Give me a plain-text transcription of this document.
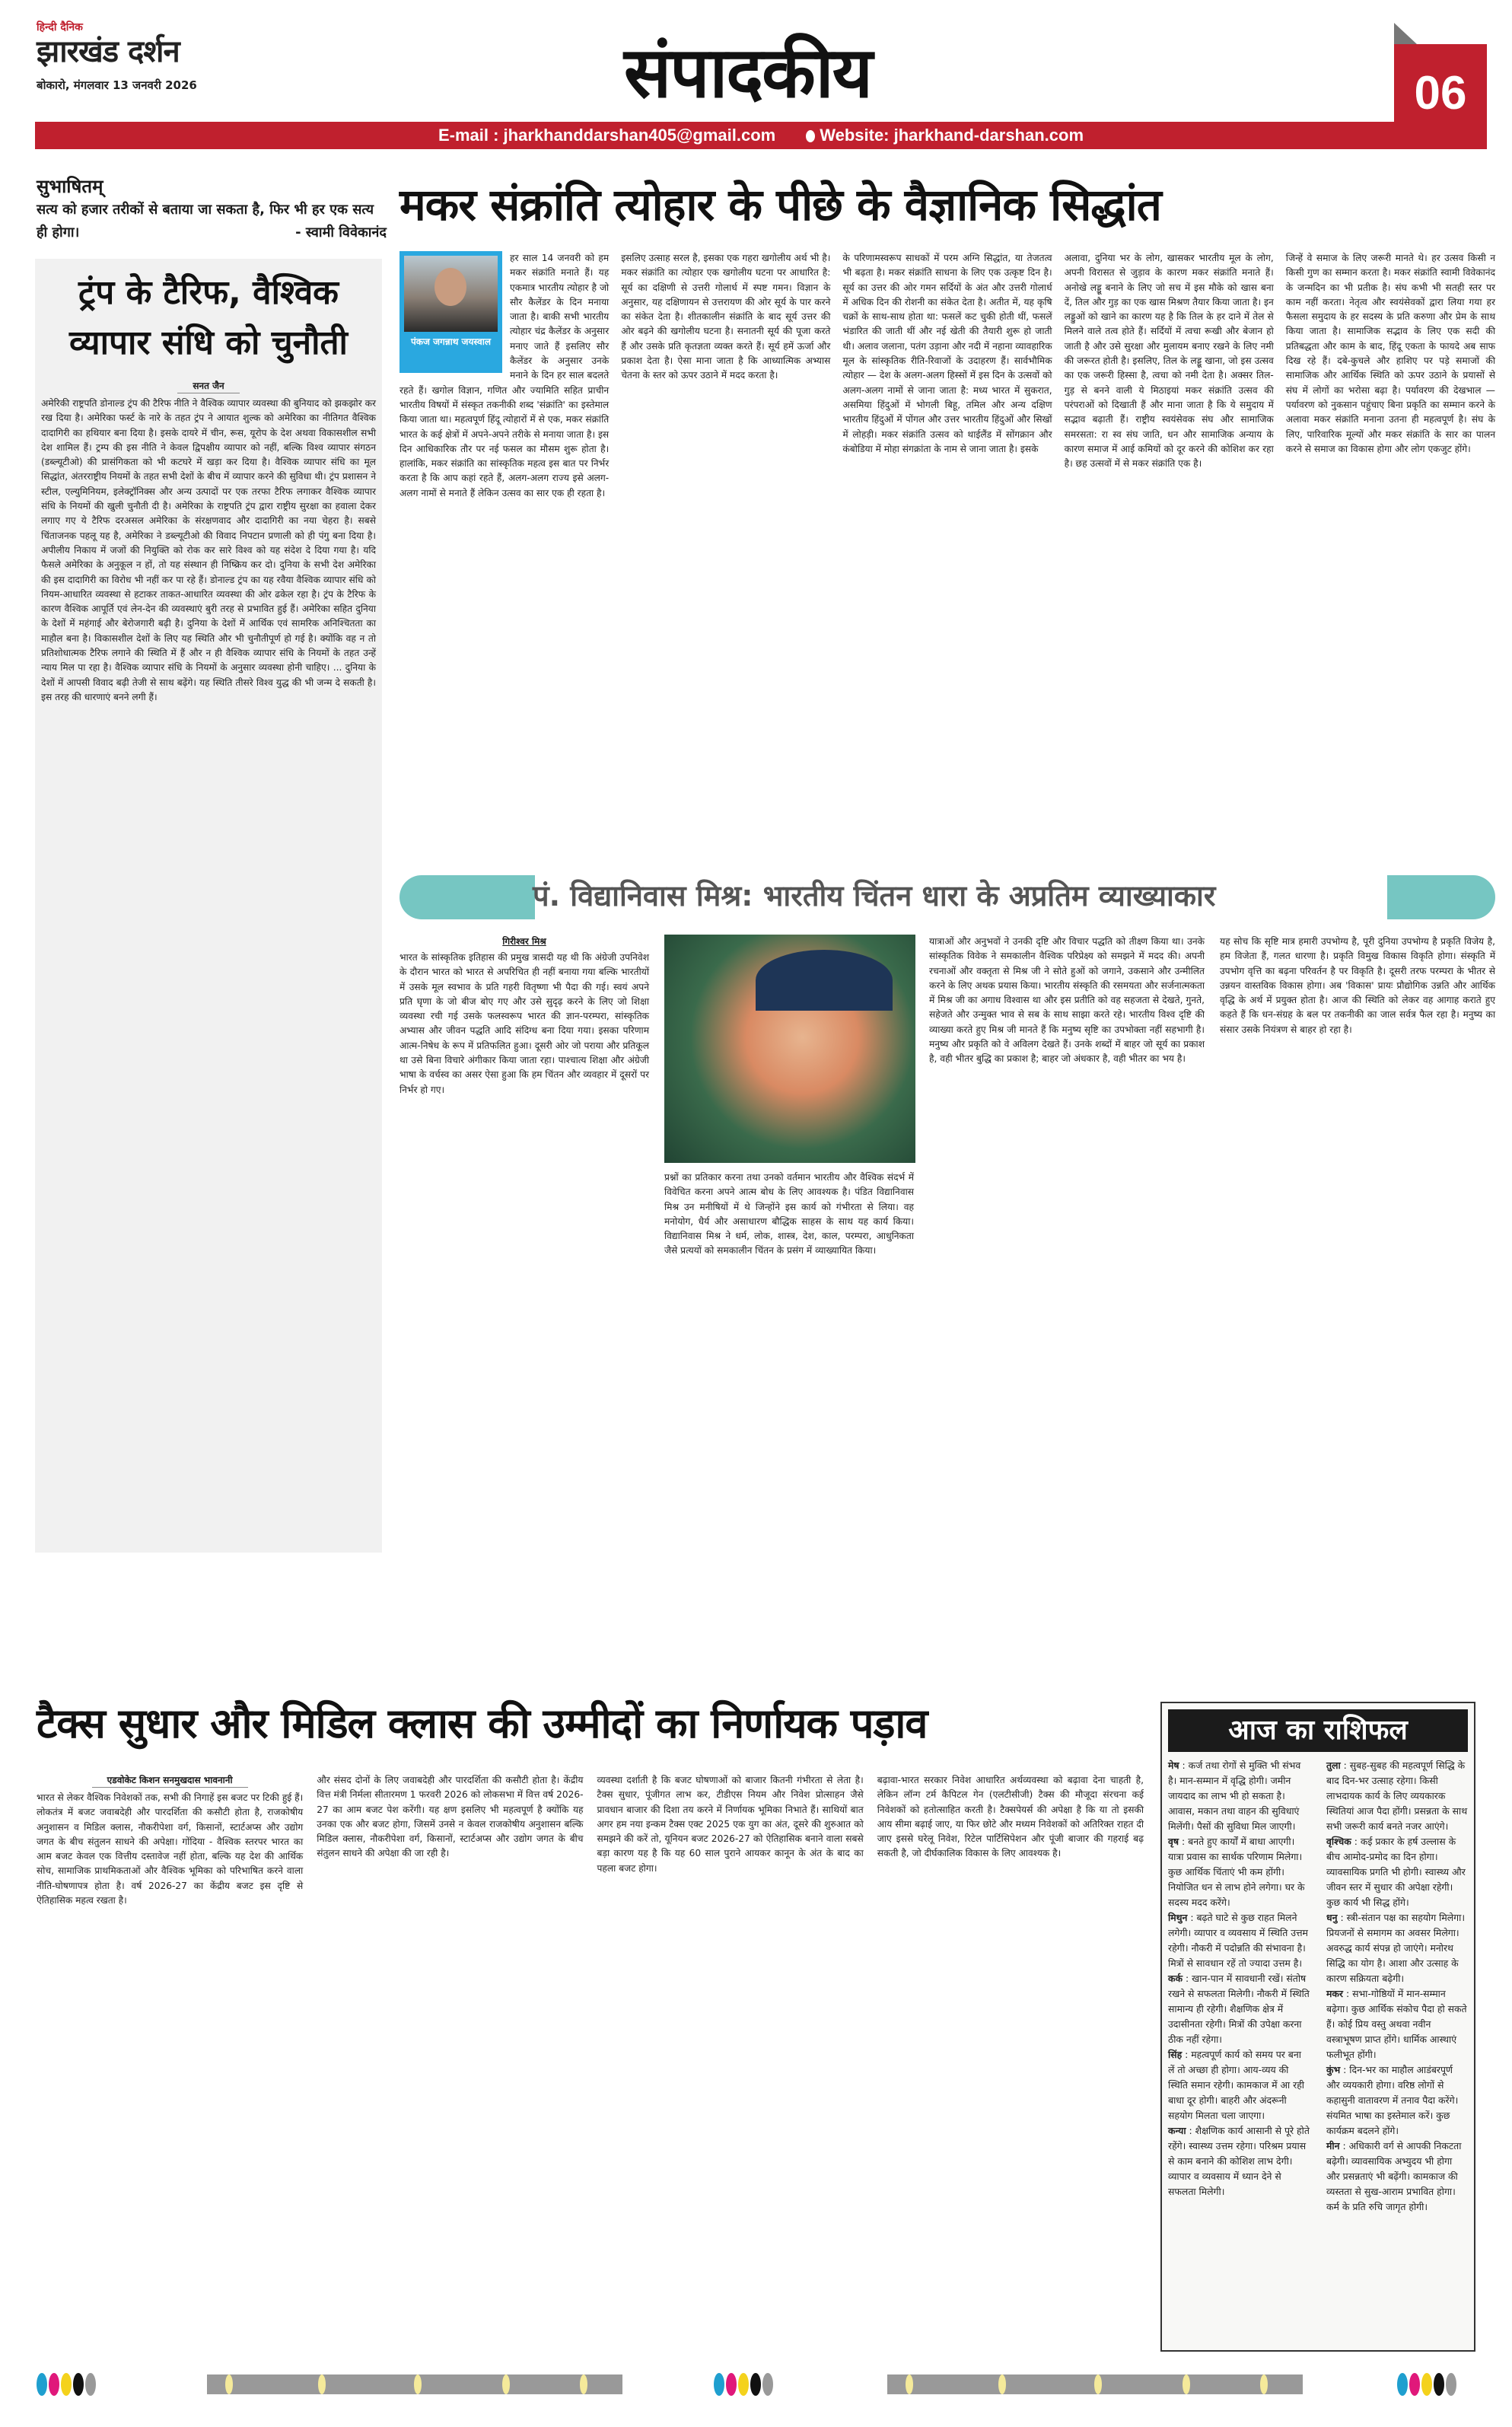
हिन्दी दैनिक
झारखंड दर्शन
बोकारो, मंगलवार 13 जनवरी 2026	संपादकीय	06
E-mail : jharkhanddarshan405@gmail.com	Website: jharkhand-darshan.com
सुभाषितम्
सत्य को हजार तरीकों से बताया जा सकता है, फिर भी हर एक सत्य ही होगा।	- स्वामी विवेकानंद
ट्रंप के टैरिफ, वैश्विक व्यापार संधि को चुनौती
सनत जैन

अमेरिकी राष्ट्रपति डोनाल्ड ट्रंप की टैरिफ नीति ने वैश्विक व्यापार व्यवस्था की बुनियाद को झकझोर कर रख दिया है। अमेरिका फर्स्ट के नारे के तहत ट्रंप ने आयात शुल्क को अमेरिका का नीतिगत वैश्विक दादागिरी का हथियार बना दिया है। इसके दायरे में चीन, रूस, यूरोप के देश अथवा विकासशील सभी देश शामिल हैं। ट्रम्प की इस नीति ने केवल द्विपक्षीय व्यापार को नहीं, बल्कि विश्व व्यापार संगठन (डब्ल्यूटीओ) की प्रासंगिकता को भी कटघरे में खड़ा कर दिया है। वैश्विक व्यापार संधि का मूल सिद्धांत, अंतरराष्ट्रीय नियमों के तहत सभी देशों के बीच में व्यापार करने की सुविधा थी। ट्रंप प्रशासन ने स्टील, एल्युमिनियम, इलेक्ट्रॉनिक्स और अन्य उत्पादों पर एक तरफा टैरिफ लगाकर वैश्विक व्यापार संधि के नियमों की खुली चुनौती दी है। अमेरिका के राष्ट्रपति ट्रंप द्वारा राष्ट्रीय सुरक्षा का हवाला देकर लगाए गए ये टैरिफ दरअसल अमेरिका के संरक्षणवाद और दादागिरी का नया चेहरा है। सबसे चिंताजनक पहलू यह है, अमेरिका ने डब्ल्यूटीओ की विवाद निपटान प्रणाली को ही पंगु बना दिया है। अपीलीय निकाय में जजों की नियुक्ति को रोक कर सारे विश्व को यह संदेश दे दिया गया है। यदि फैसले अमेरिका के अनुकूल न हों, तो यह संस्थान ही निष्क्रिय कर दो। दुनिया के सभी देश अमेरिका की इस दादागिरी का विरोध भी नहीं कर पा रहे हैं। डोनाल्ड ट्रंप का यह रवैया वैश्विक व्यापार संधि को नियम-आधारित व्यवस्था से हटाकर ताकत-आधारित व्यवस्था की ओर ढकेल रहा है। ट्रंप के टैरिफ के कारण वैश्विक आपूर्ति एवं लेन-देन की व्यवस्थाएं बुरी तरह से प्रभावित हुई हैं। अमेरिका सहित दुनिया के देशों में महंगाई और बेरोजगारी बढ़ी है। दुनिया के देशों में आर्थिक एवं सामरिक अनिश्चितता का माहौल बना है। विकासशील देशों के लिए यह स्थिति और भी चुनौतीपूर्ण हो गई है। क्योंकि वह न तो प्रतिशोधात्मक टैरिफ लगाने की स्थिति में हैं और न ही वैश्विक व्यापार संधि के नियमों के तहत उन्हें न्याय मिल पा रहा है। वैश्विक व्यापार संधि के नियमों के अनुसार व्यवस्था होनी चाहिए। ... दुनिया के देशों में आपसी विवाद बढ़ी तेजी से साथ बढ़ेंगे। यह स्थिति तीसरे विश्व युद्ध की भी जन्म दे सकती है। इस तरह की धारणाएं बनने लगी हैं।

मकर संक्रांति त्योहार के पीछे के वैज्ञानिक सिद्धांत
पंकज जगन्नाथ जयस्वाल
हर साल 14 जनवरी को हम मकर संक्रांति मनाते हैं। यह एकमात्र भारतीय त्योहार है जो सौर कैलेंडर के दिन मनाया जाता है। बाकी सभी भारतीय त्योहार चंद्र कैलेंडर के अनुसार मनाए जाते हैं इसलिए सौर कैलेंडर के अनुसार उनके मनाने के दिन हर साल बदलते रहते हैं। खगोल विज्ञान, गणित और ज्यामिति सहित प्राचीन भारतीय विषयों में संस्कृत तकनीकी शब्द 'संक्रांति' का इस्तेमाल किया जाता था। महत्वपूर्ण हिंदू त्योहारों में से एक, मकर संक्रांति भारत के कई क्षेत्रों में अपने-अपने तरीके से मनाया जाता है। इस दिन आधिकारिक तौर पर नई फसल का मौसम शुरू होता है। हालांकि, मकर संक्रांति का सांस्कृतिक महत्व इस बात पर निर्भर करता है कि आप कहां रहते हैं, अलग-अलग राज्य इसे अलग-अलग नामों से मनाते हैं लेकिन उत्सव का सार एक ही रहता है।
इसलिए उत्साह सरल है, इसका एक गहरा खगोलीय अर्थ भी है। मकर संक्रांति का त्योहार एक खगोलीय घटना पर आधारित है: सूर्य का दक्षिणी से उत्तरी गोलार्ध में स्पष्ट गमन। विज्ञान के अनुसार, यह दक्षिणायन से उत्तरायण की ओर सूर्य के पार करने का संकेत देता है। शीतकालीन संक्रांति के बाद सूर्य उत्तर की ओर बढ़ने की खगोलीय घटना है। सनातनी सूर्य की पूजा करते हैं और उसके प्रति कृतज्ञता व्यक्त करते हैं। सूर्य हमें ऊर्जा और प्रकाश देता है। ऐसा माना जाता है कि आध्यात्मिक अभ्यास चेतना के स्तर को ऊपर उठाने में मदद करता है।
के परिणामस्वरूप साधकों में परम अग्नि सिद्धांत, या तेजतत्व भी बढ़ता है। मकर संक्रांति साधना के लिए एक उत्कृष्ट दिन है। सूर्य का उत्तर की ओर गमन सर्दियों के अंत और उत्तरी गोलार्ध में अधिक दिन की रोशनी का संकेत देता है। अतीत में, यह कृषि चक्रों के साथ-साथ होता था: फसलें कट चुकी होती थीं, फसलें भंडारित की जाती थीं और नई खेती की तैयारी शुरू हो जाती थी। अलाव जलाना, पतंग उड़ाना और नदी में नहाना व्यावहारिक मूल के सांस्कृतिक रीति-रिवाजों के उदाहरण हैं। सार्वभौमिक त्योहार — देश के अलग-अलग हिस्सों में इस दिन के उत्सवों को अलग-अलग नामों से जाना जाता है: मध्य भारत में सुकरात, असमिया हिंदुओं में भोगली बिहू, तमिल और अन्य दक्षिण भारतीय हिंदुओं में पोंगल और उत्तर भारतीय हिंदुओं और सिखों में लोहड़ी। मकर संक्रांति उत्सव को थाईलैंड में सोंगक्रान और कंबोडिया में मोहा संगक्रांता के नाम से जाना जाता है। इसके
अलावा, दुनिया भर के लोग, खासकर भारतीय मूल के लोग, अपनी विरासत से जुड़ाव के कारण मकर संक्रांति मनाते हैं। अनोखे लड्डू बनाने के लिए जो सच में इस मौके को खास बना दें, तिल और गुड़ का एक खास मिश्रण तैयार किया जाता है। इन लड्डुओं को खाने का कारण यह है कि तिल के हर दाने में तेल से मिलने वाले तत्व होते हैं। सर्दियों में त्वचा रूखी और बेजान हो जाती है और उसे सुरक्षा और मुलायम बनाए रखने के लिए नमी की जरूरत होती है। इसलिए, तिल के लड्डू खाना, जो इस उत्सव का एक जरूरी हिस्सा है, त्वचा को नमी देता है। अक्सर तिल-गुड़ से बनने वाली ये मिठाइयां मकर संक्रांति उत्सव की परंपराओं को दिखाती हैं और माना जाता है कि ये समुदाय में सद्भाव बढ़ाती हैं। राष्ट्रीय स्वयंसेवक संघ और सामाजिक समरसता: रा स्व संघ जाति, धन और सामाजिक अन्याय के कारण समाज में आई कमियों को दूर करने की कोशिश कर रहा है। छह उत्सवों में से मकर संक्रांति एक है।
जिन्हें वे समाज के लिए जरूरी मानते थे। हर उत्सव किसी न किसी गुण का सम्मान करता है। मकर संक्रांति स्वामी विवेकानंद के जन्मदिन का भी प्रतीक है। संघ कभी भी सतही स्तर पर काम नहीं करता। नेतृत्व और स्वयंसेवकों द्वारा लिया गया हर फैसला समुदाय के हर सदस्य के प्रति करुणा और प्रेम के साथ किया जाता है। सामाजिक सद्भाव के लिए एक सदी की प्रतिबद्धता और काम के बाद, हिंदू एकता के फायदे अब साफ दिख रहे हैं। दबे-कुचले और हाशिए पर पड़े समाजों की सामाजिक और आर्थिक स्थिति को ऊपर उठाने के प्रयासों से संघ में लोगों का भरोसा बढ़ा है। पर्यावरण की देखभाल — पर्यावरण को नुकसान पहुंचाए बिना प्रकृति का सम्मान करने के अलावा मकर संक्रांति मनाना उतना ही महत्वपूर्ण है। संघ के लिए, पारिवारिक मूल्यों और मकर संक्रांति के सार का पालन करने से समाज का विकास होगा और लोग एकजुट होंगे।
पं. विद्यानिवास मिश्र: भारतीय चिंतन धारा के अप्रतिम व्याख्याकार
गिरीश्वर मिश्र
भारत के सांस्कृतिक इतिहास की प्रमुख त्रासदी यह थी कि अंग्रेजी उपनिवेश के दौरान भारत को भारत से अपरिचित ही नहीं बनाया गया बल्कि भारतीयों में उसके मूल स्वभाव के प्रति गहरी वितृष्णा भी पैदा की गई। स्वयं अपने प्रति घृणा के जो बीज बोए गए और उसे सुदृढ़ करने के लिए जो शिक्षा व्यवस्था रची गई उसके फलस्वरूप भारत की ज्ञान-परम्परा, सांस्कृतिक अभ्यास और जीवन पद्धति आदि संदिग्ध बना दिया गया। इसका परिणाम आत्म-निषेध के रूप में प्रतिफलित हुआ। दूसरी ओर जो पराया और प्रतिकूल था उसे बिना विचारे अंगीकार किया जाता रहा। पाश्चात्य शिक्षा और अंग्रेजी भाषा के वर्चस्व का असर ऐसा हुआ कि हम चिंतन और व्यवहार में दूसरों पर निर्भर हो गए।
प्रश्नों का प्रतिकार करना तथा उनको वर्तमान भारतीय और वैश्विक संदर्भ में विवेचित करना अपने आत्म बोध के लिए आवश्यक है। पंडित विद्यानिवास मिश्र उन मनीषियों में थे जिन्होंने इस कार्य को गंभीरता से लिया। वह मनोयोग, धैर्य और असाधारण बौद्धिक साहस के साथ यह कार्य किया। विद्यानिवास मिश्र ने धर्म, लोक, शास्त्र, देश, काल, परम्परा, आधुनिकता जैसे प्रत्ययों को समकालीन चिंतन के प्रसंग में व्याख्यायित किया।
यात्राओं और अनुभवों ने उनकी दृष्टि और विचार पद्धति को तीक्ष्ण किया था। उनके सांस्कृतिक विवेक ने समकालीन वैश्विक परिप्रेक्ष्य को समझने में मदद की। अपनी रचनाओं और वक्तृता से मिश्र जी ने सोते हुओं को जगाने, उकसाने और उन्मीलित करने के लिए अथक प्रयास किया। भारतीय संस्कृति की रसमयता और सर्जनात्मकता में मिश्र जी का अगाध विश्वास था और इस प्रतीति को वह सहजता से देखते, गुनते, सहेजते और उन्मुक्त भाव से सब के साथ साझा करते रहे। भारतीय विश्व दृष्टि की व्याख्या करते हुए मिश्र जी मानते हैं कि मनुष्य सृष्टि का उपभोक्ता नहीं सहभागी है। मनुष्य और प्रकृति को वे अविलग देखते हैं। उनके शब्दों में बाहर जो सूर्य का प्रकाश है, वही भीतर बुद्धि का प्रकाश है; बाहर जो अंधकार है, वही भीतर का भय है।
यह सोच कि सृष्टि मात्र हमारी उपभोग्य है, पूरी दुनिया उपभोग्य है प्रकृति विजेय है, हम विजेता हैं, गलत धारणा है। प्रकृति विमुख विकास विकृति होगा। संस्कृति में उपभोग वृत्ति का बढ़ना परिवर्तन है पर विकृति है। दूसरी तरफ परम्परा के भीतर से उन्नयन वास्तविक विकास होगा। अब 'विकास' प्रायः प्रौद्योगिक उन्नति और आर्थिक वृद्धि के अर्थ में प्रयुक्त होता है। आज की स्थिति को लेकर वह आगाह कराते हुए कहते हैं कि धन-संग्रह के बल पर तकनीकी का जाल सर्वत्र फैल रहा है। मनुष्य का संसार उसके नियंत्रण से बाहर हो रहा है।
टैक्स सुधार और मिडिल क्लास की उम्मीदों का निर्णायक पड़ाव
एडवोकेट किशन सनमुखदास भावनानी
भारत से लेकर वैश्विक निवेशकों तक, सभी की निगाहें इस बजट पर टिकी हुई हैं। लोकतंत्र में बजट जवाबदेही और पारदर्शिता की कसौटी होता है, राजकोषीय अनुशासन व मिडिल क्लास, नौकरीपेशा वर्ग, किसानों, स्टार्टअप्स और उद्योग जगत के बीच संतुलन साधने की अपेक्षा। गोंदिया - वैश्विक स्तरपर भारत का आम बजट केवल एक वित्तीय दस्तावेज नहीं होता, बल्कि यह देश की आर्थिक सोच, सामाजिक प्राथमिकताओं और वैश्विक भूमिका को परिभाषित करने वाला नीति-घोषणापत्र होता है। वर्ष 2026-27 का केंद्रीय बजट इस दृष्टि से ऐतिहासिक महत्व रखता है।
और संसद दोनों के लिए जवाबदेही और पारदर्शिता की कसौटी होता है। केंद्रीय वित्त मंत्री निर्मला सीतारमण 1 फरवरी 2026 को लोकसभा में वित्त वर्ष 2026-27 का आम बजट पेश करेंगी। यह क्षण इसलिए भी महत्वपूर्ण है क्योंकि यह उनका एक और बजट होगा, जिसमें उनसे न केवल राजकोषीय अनुशासन बल्कि मिडिल क्लास, नौकरीपेशा वर्ग, किसानों, स्टार्टअप्स और उद्योग जगत के बीच संतुलन साधने की अपेक्षा की जा रही है।
व्यवस्था दर्शाती है कि बजट घोषणाओं को बाजार कितनी गंभीरता से लेता है। टैक्स सुधार, पूंजीगत लाभ कर, टीडीएस नियम और निवेश प्रोत्साहन जैसे प्रावधान बाजार की दिशा तय करने में निर्णायक भूमिका निभाते हैं। साथियों बात अगर हम नया इन्कम टैक्स एक्ट 2025 एक युग का अंत, दूसरे की शुरुआत को समझने की करें तो, यूनियन बजट 2026-27 को ऐतिहासिक बनाने वाला सबसे बड़ा कारण यह है कि यह 60 साल पुराने आयकर कानून के अंत के बाद का पहला बजट होगा।
बढ़ावा-भारत सरकार निवेश आधारित अर्थव्यवस्था को बढ़ावा देना चाहती है, लेकिन लॉन्ग टर्म कैपिटल गेन (एलटीसीजी) टैक्स की मौजूदा संरचना कई निवेशकों को हतोत्साहित करती है। टैक्सपेयर्स की अपेक्षा है कि या तो इसकी आय सीमा बढ़ाई जाए, या फिर छोटे और मध्यम निवेशकों को अतिरिक्त राहत दी जाए इससे घरेलू निवेश, रिटेल पार्टिसिपेशन और पूंजी बाजार की गहराई बढ़ सकती है, जो दीर्घकालिक विकास के लिए आवश्यक है।
आज का राशिफल

मेष : कर्ज तथा रोगों से मुक्ति भी संभव है। मान-सम्मान में वृद्धि होगी। जमीन जायदाद का लाभ भी हो सकता है। आवास, मकान तथा वाहन की सुविधाएं मिलेंगी। पैसों की सुविधा मिल जाएगी।

वृष : बनते हुए कार्यों में बाधा आएगी। यात्रा प्रवास का सार्थक परिणाम मिलेगा। कुछ आर्थिक चिंताएं भी कम होंगी। नियोजित धन से लाभ होने लगेगा। घर के सदस्य मदद करेंगे।

मिथुन : बढ़ते घाटे से कुछ राहत मिलने लगेगी। व्यापार व व्यवसाय में स्थिति उत्तम रहेगी। नौकरी में पदोन्नति की संभावना है। मित्रों से सावधान रहें तो ज्यादा उत्तम है।

कर्क : खान-पान में सावधानी रखें। संतोष रखने से सफलता मिलेगी। नौकरी में स्थिति सामान्य ही रहेगी। शैक्षणिक क्षेत्र में उदासीनता रहेगी। मित्रों की उपेक्षा करना ठीक नहीं रहेगा।

सिंह : महत्वपूर्ण कार्य को समय पर बना लें तो अच्छा ही होगा। आय-व्यय की स्थिति समान रहेगी। कामकाज में आ रही बाधा दूर होगी। बाहरी और अंदरूनी सहयोग मिलता चला जाएगा।

कन्या : शैक्षणिक कार्य आसानी से पूरे होते रहेंगे। स्वास्थ्य उत्तम रहेगा। परिश्रम प्रयास से काम बनाने की कोशिश लाभ देगी। व्यापार व व्यवसाय में ध्यान देने से सफलता मिलेगी।

तुला : सुबह-सुबह की महत्वपूर्ण सिद्धि के बाद दिन-भर उत्साह रहेगा। किसी लाभदायक कार्य के लिए व्ययकारक स्थितियां आज पैदा होंगी। प्रसन्नता के साथ सभी जरूरी कार्य बनते नजर आएंगे।

वृश्चिक : कई प्रकार के हर्ष उल्लास के बीच आमोद-प्रमोद का दिन होगा। व्यावसायिक प्रगति भी होगी। स्वास्थ्य और जीवन स्तर में सुधार की अपेक्षा रहेगी। कुछ कार्य भी सिद्ध होंगे।

धनु : स्त्री-संतान पक्ष का सहयोग मिलेगा। प्रियजनों से समागम का अवसर मिलेगा। अवरुद्ध कार्य संपन्न हो जाएंगे। मनोरथ सिद्धि का योग है। आशा और उत्साह के कारण सक्रियता बढ़ेगी।

मकर : सभा-गोष्ठियों में मान-सम्मान बढ़ेगा। कुछ आर्थिक संकोच पैदा हो सकते हैं। कोई प्रिय वस्तु अथवा नवीन वस्त्राभूषण प्राप्त होंगे। धार्मिक आस्थाएं फलीभूत होंगी।

कुंभ : दिन-भर का माहौल आडंबरपूर्ण और व्ययकारी होगा। वरिष्ठ लोगों से कहासुनी वातावरण में तनाव पैदा करेंगे। संयमित भाषा का इस्तेमाल करें। कुछ कार्यक्रम बदलने होंगे।

मीन : अधिकारी वर्ग से आपकी निकटता बढ़ेगी। व्यावसायिक अभ्युदय भी होगा और प्रसन्नताएं भी बढ़ेंगी। कामकाज की व्यस्तता से सुख-आराम प्रभावित होगा। कर्म के प्रति रुचि जागृत होगी।
